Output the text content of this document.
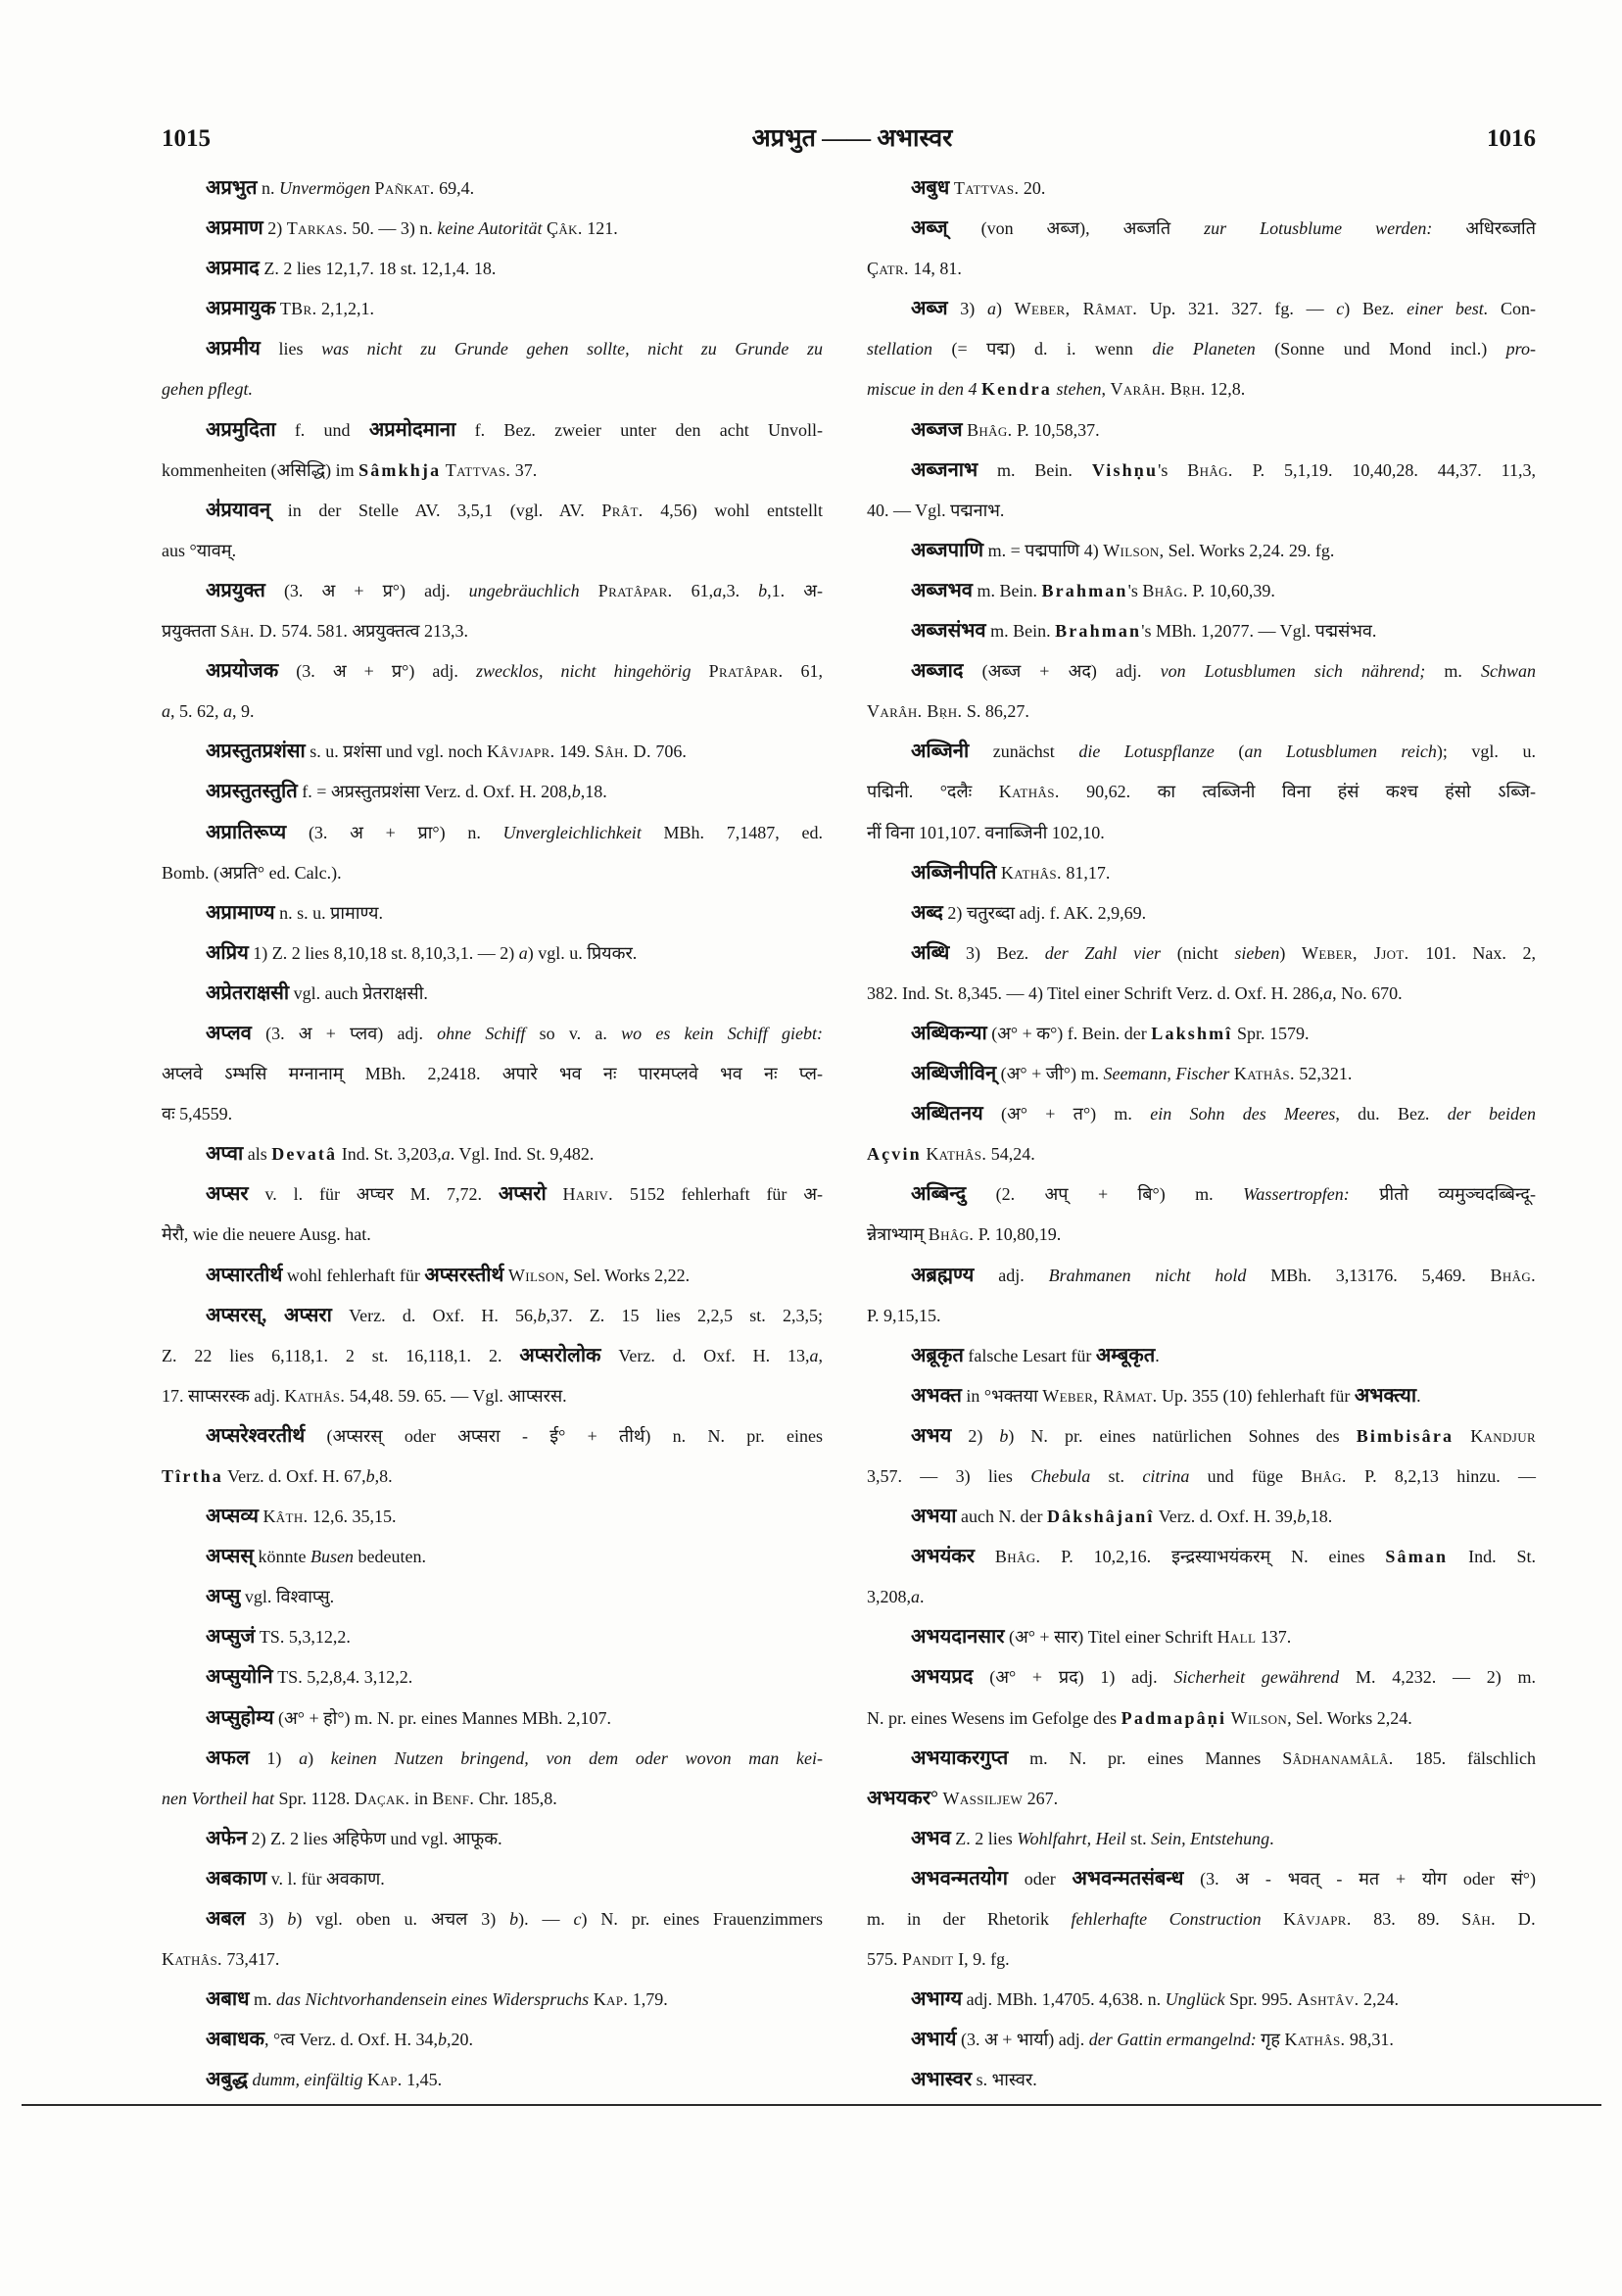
1015	अप्रभुत —— अभास्वर	1016
अप्रभुत n. Unvermögen Pañkat. 69,4.
अप्रमाण 2) Tarkas. 50. — 3) n. keine Autorität Çâk. 121.
अप्रमाद Z. 2 lies 12,1,7. 18 st. 12,1,4. 18.
अप्रमायुक TBr. 2,1,2,1.
अप्रमीय lies was nicht zu Grunde gehen sollte, nicht zu Grunde zu
gehen pflegt.
अप्रमुदिता f. und अप्रमोदमाना f. Bez. zweier unter den acht Unvoll-
kommenheiten (असिद्धि) im Sâmkhja Tattvas. 37.
अ॑प्रयावन् in der Stelle AV. 3,5,1 (vgl. AV. Prât. 4,56) wohl entstellt
aus °यावम्.
अप्रयुक्त (3. अ + प्र°) adj. ungebräuchlich Pratâpar. 61,a,3. b,1. अ-
प्रयुक्तता Sâh. D. 574. 581. अप्रयुक्तत्व 213,3.
अप्रयोजक (3. अ + प्र°) adj. zwecklos, nicht hingehörig Pratâpar. 61,
a, 5. 62, a, 9.
अप्रस्तुतप्रशंसा s. u. प्रशंसा und vgl. noch Kâvjapr. 149. Sâh. D. 706.
अप्रस्तुतस्तुति f. = अप्रस्तुतप्रशंसा Verz. d. Oxf. H. 208,b,18.
अप्रातिरूप्य (3. अ + प्रा°) n. Unvergleichlichkeit MBh. 7,1487, ed.
Bomb. (अप्रति° ed. Calc.).
अप्रामाण्य n. s. u. प्रामाण्य.
अप्रिय 1) Z. 2 lies 8,10,18 st. 8,10,3,1. — 2) a) vgl. u. प्रियकर.
अप्रेतराक्षसी vgl. auch प्रेतराक्षसी.
अप्लव (3. अ + प्लव) adj. ohne Schiff so v. a. wo es kein Schiff giebt:
अप्लवे ऽम्भसि मग्नानाम् MBh. 2,2418. अपारे भव नः पारमप्लवे भव नः प्ल-
वः 5,4559.
अप्वा als Devatâ Ind. St. 3,203,a. Vgl. Ind. St. 9,482.
अप्सर v. l. für अप्चर M. 7,72. अप्सरो Hariv. 5152 fehlerhaft für अ-
मेरौ, wie die neuere Ausg. hat.
अप्सारतीर्थ wohl fehlerhaft für अप्सरस्तीर्थ Wilson, Sel. Works 2,22.
अप्सरस्, अप्सरा Verz. d. Oxf. H. 56,b,37. Z. 15 lies 2,2,5 st. 2,3,5;
Z. 22 lies 6,118,1. 2 st. 16,118,1. 2. अप्सरोलोक Verz. d. Oxf. H. 13,a,
17. साप्सरस्क adj. Kathâs. 54,48. 59. 65. — Vgl. आप्सरस.
अप्सरेश्वरतीर्थ (अप्सरस् oder अप्सरा - ई° + तीर्थ) n. N. pr. eines
Tîrtha Verz. d. Oxf. H. 67,b,8.
अप्सव्य Kâth. 12,6. 35,15.
अप्सस् könnte Busen bedeuten.
अप्सु vgl. विश्वाप्सु.
अप्सुजं TS. 5,3,12,2.
अप्सुयोनि TS. 5,2,8,4. 3,12,2.
अप्सुहोम्य (अ° + हो°) m. N. pr. eines Mannes MBh. 2,107.
अफल 1) a) keinen Nutzen bringend, von dem oder wovon man kei-
nen Vortheil hat Spr. 1128. Daçak. in Benf. Chr. 185,8.
अफेन 2) Z. 2 lies अहिफेण und vgl. आफूक.
अबकाण v. l. für अवकाण.
अबल 3) b) vgl. oben u. अचल 3) b). — c) N. pr. eines Frauenzimmers
Kathâs. 73,417.
अबाध m. das Nichtvorhandensein eines Widerspruchs Kap. 1,79.
अबाधक, °त्व Verz. d. Oxf. H. 34,b,20.
अबुद्ध dumm, einfältig Kap. 1,45.
अबुध Tattvas. 20.
अब्ज् (von अब्ज), अब्जति zur Lotusblume werden: अधिरब्जति
Çatr. 14, 81.
अब्ज 3) a) Weber, Râmat. Up. 321. 327. fg. — c) Bez. einer best. Con-
stellation (= पद्म) d. i. wenn die Planeten (Sonne und Mond incl.) pro-
miscue in den 4 Kendra stehen, Varâh. Bṛh. 12,8.
अब्जज Bhâg. P. 10,58,37.
अब्जनाभ m. Bein. Vishṇu's Bhâg. P. 5,1,19. 10,40,28. 44,37. 11,3,
40. — Vgl. पद्मनाभ.
अब्जपाणि m. = पद्मपाणि 4) Wilson, Sel. Works 2,24. 29. fg.
अब्जभव m. Bein. Brahman's Bhâg. P. 10,60,39.
अब्जसंभव m. Bein. Brahman's MBh. 1,2077. — Vgl. पद्मसंभव.
अब्जाद (अब्ज + अद) adj. von Lotusblumen sich nährend; m. Schwan
Varâh. Bṛh. S. 86,27.
अब्जिनी zunächst die Lotuspflanze (an Lotusblumen reich); vgl. u.
पद्मिनी. °दलैः Kathâs. 90,62. का त्वब्जिनी विना हंसं कश्च हंसो ऽब्जि-
नीं विना 101,107. वनाब्जिनी 102,10.
अब्जिनीपति Kathâs. 81,17.
अब्द 2) चतुरब्दा adj. f. AK. 2,9,69.
अब्धि 3) Bez. der Zahl vier (nicht sieben) Weber, Jjot. 101. Nax. 2,
382. Ind. St. 8,345. — 4) Titel einer Schrift Verz. d. Oxf. H. 286,a, No. 670.
अब्धिकन्या (अ° + क°) f. Bein. der Lakshmî Spr. 1579.
अब्धिजीविन् (अ° + जी°) m. Seemann, Fischer Kathâs. 52,321.
अब्धितनय (अ° + त°) m. ein Sohn des Meeres, du. Bez. der beiden
Açvin Kathâs. 54,24.
अब्बिन्दु (2. अप् + बि°) m. Wassertropfen: प्रीतो व्यमुञ्चदब्बिन्दू-
न्नेत्राभ्याम् Bhâg. P. 10,80,19.
अब्रह्मण्य adj. Brahmanen nicht hold MBh. 3,13176. 5,469. Bhâg.
P. 9,15,15.
अब्रूकृत falsche Lesart für अम्बूकृत.
अभक्त in °भक्तया Weber, Râmat. Up. 355 (10) fehlerhaft für अभक्त्या.
अभय 2) b) N. pr. eines natürlichen Sohnes des Bimbisâra Kandjur
3,57. — 3) lies Chebula st. citrina und füge Bhâg. P. 8,2,13 hinzu. —
अभया auch N. der Dâkshâjanî Verz. d. Oxf. H. 39,b,18.
अभयंकर Bhâg. P. 10,2,16. इन्द्रस्याभयंकरम् N. eines Sâman Ind. St.
3,208,a.
अभयदानसार (अ° + सार) Titel einer Schrift Hall 137.
अभयप्रद (अ° + प्रद) 1) adj. Sicherheit gewährend M. 4,232. — 2) m.
N. pr. eines Wesens im Gefolge des Padmapâṇi Wilson, Sel. Works 2,24.
अभयाकरगुप्त m. N. pr. eines Mannes Sâdhanamâlâ. 185. fälschlich
अभयकर° Wassiljew 267.
अभव Z. 2 lies Wohlfahrt, Heil st. Sein, Entstehung.
अभवन्मतयोग oder अभवन्मतसंबन्ध (3. अ - भवत् - मत + योग oder सं°)
m. in der Rhetorik fehlerhafte Construction Kâvjapr. 83. 89. Sâh. D.
575. Pandit I, 9. fg.
अभाग्य adj. MBh. 1,4705. 4,638. n. Unglück Spr. 995. Ashtâv. 2,24.
अभार्य (3. अ + भार्या) adj. der Gattin ermangelnd: गृह Kathâs. 98,31.
अभास्वर s. भास्वर.
